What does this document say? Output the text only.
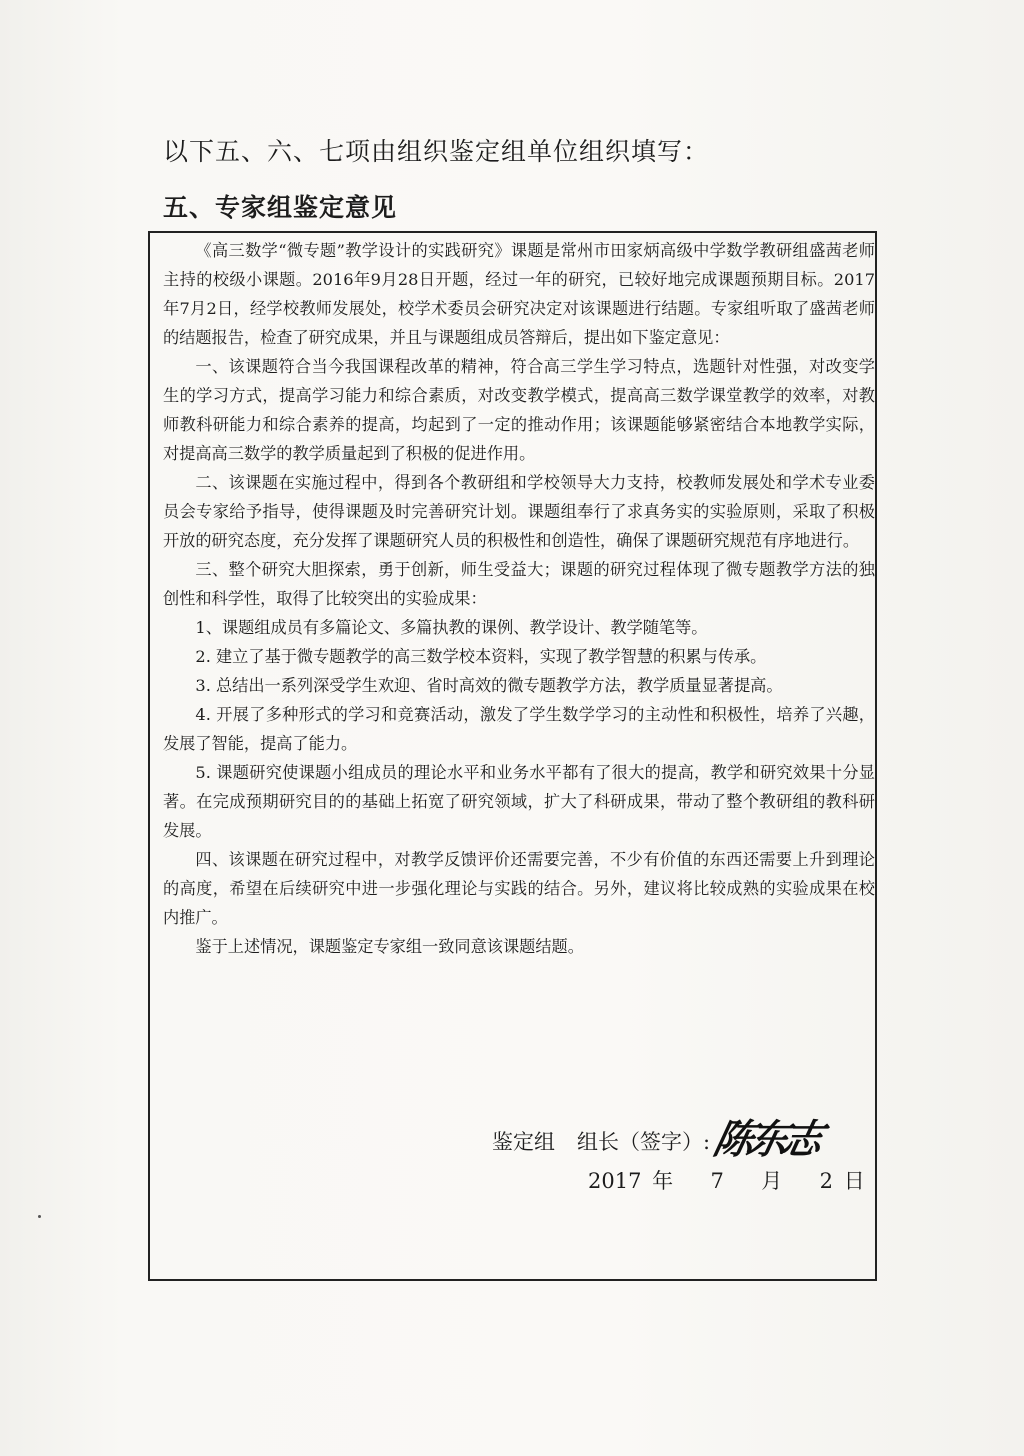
以下五、六、七项由组织鉴定组单位组织填写：
五、专家组鉴定意见

《高三数学“微专题”教学设计的实践研究》课题是常州市田家炳高级中学数学教研组盛茜老师主持的校级小课题。2016年9月28日开题，经过一年的研究，已较好地完成课题预期目标。2017年7月2日，经学校教师发展处，校学术委员会研究决定对该课题进行结题。专家组听取了盛茜老师的结题报告，检查了研究成果，并且与课题组成员答辩后，提出如下鉴定意见：

一、该课题符合当今我国课程改革的精神，符合高三学生学习特点，选题针对性强，对改变学生的学习方式，提高学习能力和综合素质，对改变教学模式，提高高三数学课堂教学的效率，对教师教科研能力和综合素养的提高，均起到了一定的推动作用；该课题能够紧密结合本地教学实际，对提高高三数学的教学质量起到了积极的促进作用。

二、该课题在实施过程中，得到各个教研组和学校领导大力支持，校教师发展处和学术专业委员会专家给予指导，使得课题及时完善研究计划。课题组奉行了求真务实的实验原则，采取了积极开放的研究态度，充分发挥了课题研究人员的积极性和创造性，确保了课题研究规范有序地进行。

三、整个研究大胆探索，勇于创新，师生受益大；课题的研究过程体现了微专题教学方法的独创性和科学性，取得了比较突出的实验成果：

1、课题组成员有多篇论文、多篇执教的课例、教学设计、教学随笔等。

2. 建立了基于微专题教学的高三数学校本资料，实现了教学智慧的积累与传承。

3. 总结出一系列深受学生欢迎、省时高效的微专题教学方法，教学质量显著提高。

4. 开展了多种形式的学习和竞赛活动，激发了学生数学学习的主动性和积极性，培养了兴趣，发展了智能，提高了能力。

5. 课题研究使课题小组成员的理论水平和业务水平都有了很大的提高，教学和研究效果十分显著。在完成预期研究目的的基础上拓宽了研究领域，扩大了科研成果，带动了整个教研组的教科研发展。

四、该课题在研究过程中，对教学反馈评价还需要完善，不少有价值的东西还需要上升到理论的高度，希望在后续研究中进一步强化理论与实践的结合。另外，建议将比较成熟的实验成果在校内推广。

鉴于上述情况，课题鉴定专家组一致同意该课题结题。

鉴定组 组长（签字）: 陈东志
2017 年 7 月 2 日
